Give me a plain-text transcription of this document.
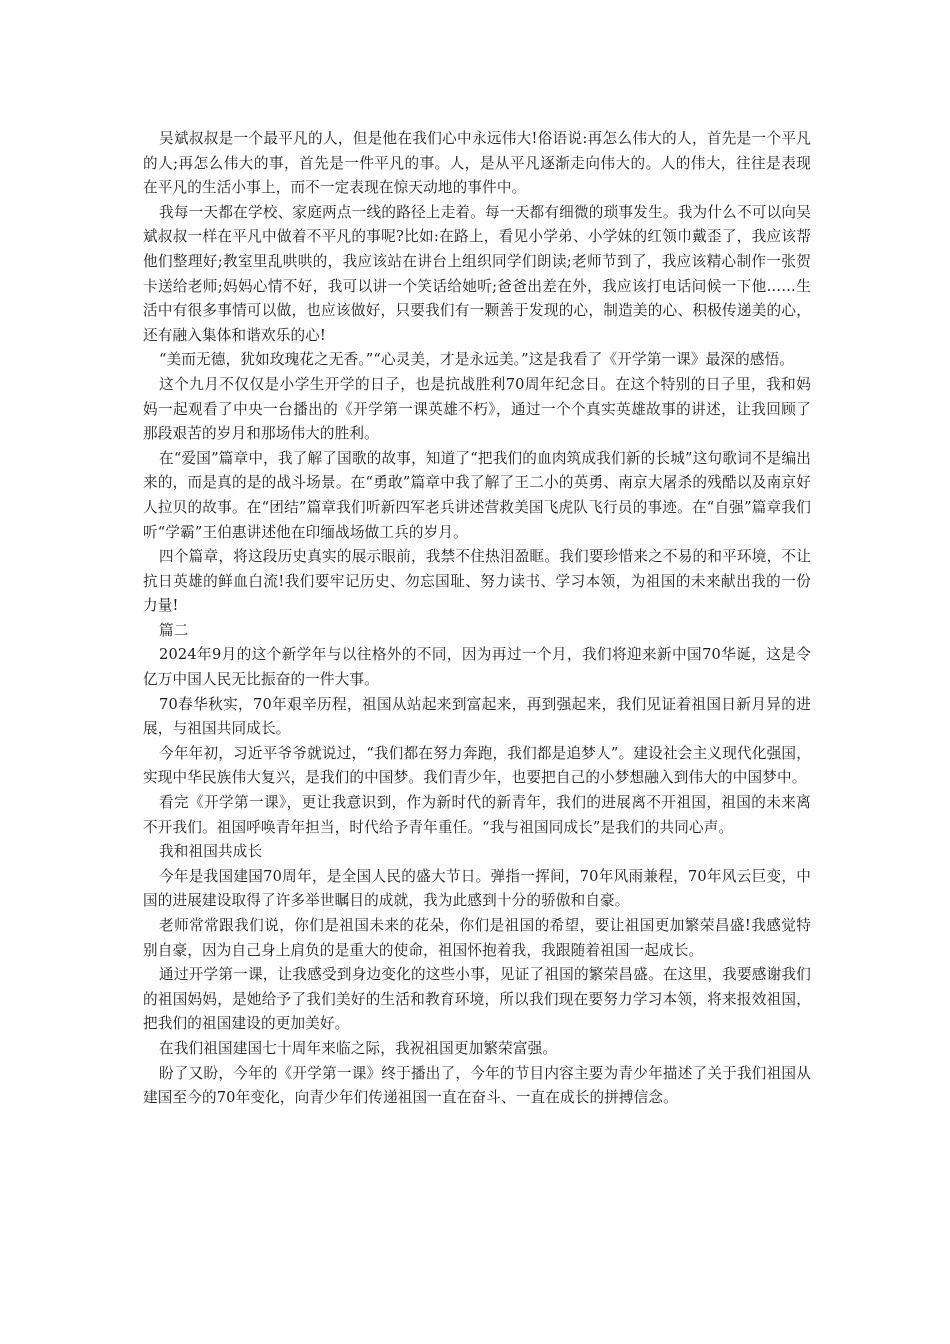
吴斌叔叔是一个最平凡的人，但是他在我们心中永远伟大!俗语说:再怎么伟大的人，首先是一个平凡的人;再怎么伟大的事，首先是一件平凡的事。人，是从平凡逐渐走向伟大的。人的伟大，往往是表现在平凡的生活小事上，而不一定表现在惊天动地的事件中。

我每一天都在学校、家庭两点一线的路径上走着。每一天都有细微的琐事发生。我为什么不可以向吴斌叔叔一样在平凡中做着不平凡的事呢?比如:在路上，看见小学弟、小学妹的红领巾戴歪了，我应该帮他们整理好;教室里乱哄哄的，我应该站在讲台上组织同学们朗读;老师节到了，我应该精心制作一张贺卡送给老师;妈妈心情不好，我可以讲一个笑话给她听;爸爸出差在外，我应该打电话问候一下他……生活中有很多事情可以做，也应该做好，只要我们有一颗善于发现的心，制造美的心、积极传递美的心，还有融入集体和谐欢乐的心!

“美而无德，犹如玫瑰花之无香。”“心灵美，才是永远美。”这是我看了《开学第一课》最深的感悟。

这个九月不仅仅是小学生开学的日子，也是抗战胜利70周年纪念日。在这个特别的日子里，我和妈妈一起观看了中央一台播出的《开学第一课英雄不朽》，通过一个个真实英雄故事的讲述，让我回顾了那段艰苦的岁月和那场伟大的胜利。

在“爱国”篇章中，我了解了国歌的故事，知道了“把我们的血肉筑成我们新的长城”这句歌词不是编出来的，而是真的是的战斗场景。在“勇敢”篇章中我了解了王二小的英勇、南京大屠杀的残酷以及南京好人拉贝的故事。在“团结”篇章我们听新四军老兵讲述营救美国飞虎队飞行员的事迹。在“自强”篇章我们听“学霸”王伯惠讲述他在印缅战场做工兵的岁月。

四个篇章，将这段历史真实的展示眼前，我禁不住热泪盈眶。我们要珍惜来之不易的和平环境，不让抗日英雄的鲜血白流!我们要牢记历史、勿忘国耻、努力读书、学习本领，为祖国的未来献出我的一份力量!

篇二

2024年9月的这个新学年与以往格外的不同，因为再过一个月，我们将迎来新中国70华诞，这是令亿万中国人民无比振奋的一件大事。

70春华秋实，70年艰辛历程，祖国从站起来到富起来，再到强起来，我们见证着祖国日新月异的进展，与祖国共同成长。

今年年初，习近平爷爷就说过，“我们都在努力奔跑，我们都是追梦人”。建设社会主义现代化强国，实现中华民族伟大复兴，是我们的中国梦。我们青少年，也要把自己的小梦想融入到伟大的中国梦中。

看完《开学第一课》，更让我意识到，作为新时代的新青年，我们的进展离不开祖国，祖国的未来离不开我们。祖国呼唤青年担当，时代给予青年重任。“我与祖国同成长”是我们的共同心声。

我和祖国共成长

今年是我国建国70周年，是全国人民的盛大节日。弹指一挥间，70年风雨兼程，70年风云巨变，中国的进展建设取得了许多举世瞩目的成就，我为此感到十分的骄傲和自豪。

老师常常跟我们说，你们是祖国未来的花朵，你们是祖国的希望，要让祖国更加繁荣昌盛!我感觉特别自豪，因为自己身上肩负的是重大的使命，祖国怀抱着我，我跟随着祖国一起成长。

通过开学第一课，让我感受到身边变化的这些小事，见证了祖国的繁荣昌盛。在这里，我要感谢我们的祖国妈妈，是她给予了我们美好的生活和教育环境，所以我们现在要努力学习本领，将来报效祖国，把我们的祖国建设的更加美好。

在我们祖国建国七十周年来临之际，我祝祖国更加繁荣富强。

盼了又盼，今年的《开学第一课》终于播出了，今年的节目内容主要为青少年描述了关于我们祖国从建国至今的70年变化，向青少年们传递祖国一直在奋斗、一直在成长的拼搏信念。
